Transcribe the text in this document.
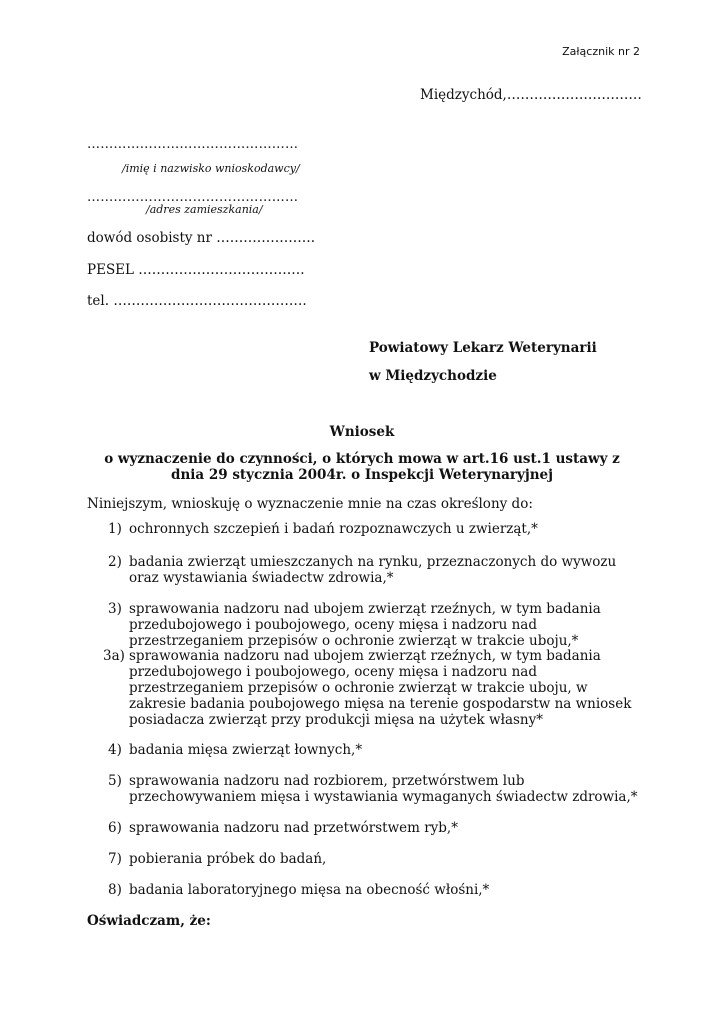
Załącznik nr 2
Międzychód,…………………………
…………………………………………
/imię i nazwisko wnioskodawcy/
…………………………………………
/adres zamieszkania/
dowód osobisty nr ………………….
PESEL ……………………………….
tel. …………………………………….
Powiatowy Lekarz Weterynarii
w Międzychodzie
Wniosek
o wyznaczenie do czynności, o których mowa w art.16 ust.1 ustawy z dnia 29 stycznia 2004r. o Inspekcji Weterynaryjnej
Niniejszym, wnioskuję o wyznaczenie mnie na czas określony do:
1) ochronnych szczepień i badań rozpoznawczych u zwierząt,*
2) badania zwierząt umieszczanych na rynku, przeznaczonych do wywozu oraz wystawiania świadectw zdrowia,*
3) sprawowania nadzoru nad ubojem zwierząt rzeźnych, w tym badania przedubojowego i poubojowego, oceny mięsa i nadzoru nad przestrzeganiem przepisów o ochronie zwierząt w trakcie uboju,*
3a) sprawowania nadzoru nad ubojem zwierząt rzeźnych, w tym badania przedubojowego i poubojowego, oceny mięsa i nadzoru nad przestrzeganiem przepisów o ochronie zwierząt w trakcie uboju, w zakresie badania poubojowego mięsa na terenie gospodarstw na wniosek posiadacza zwierząt przy produkcji mięsa na użytek własny*
4) badania mięsa zwierząt łownych,*
5) sprawowania nadzoru nad rozbiorem, przetwórstwem lub przechowywaniem mięsa i wystawiania wymaganych świadectw zdrowia,*
6) sprawowania nadzoru nad przetwórstwem ryb,*
7) pobierania próbek do badań,
8) badania laboratoryjnego mięsa na obecność włośni,*
Oświadczam, że:
